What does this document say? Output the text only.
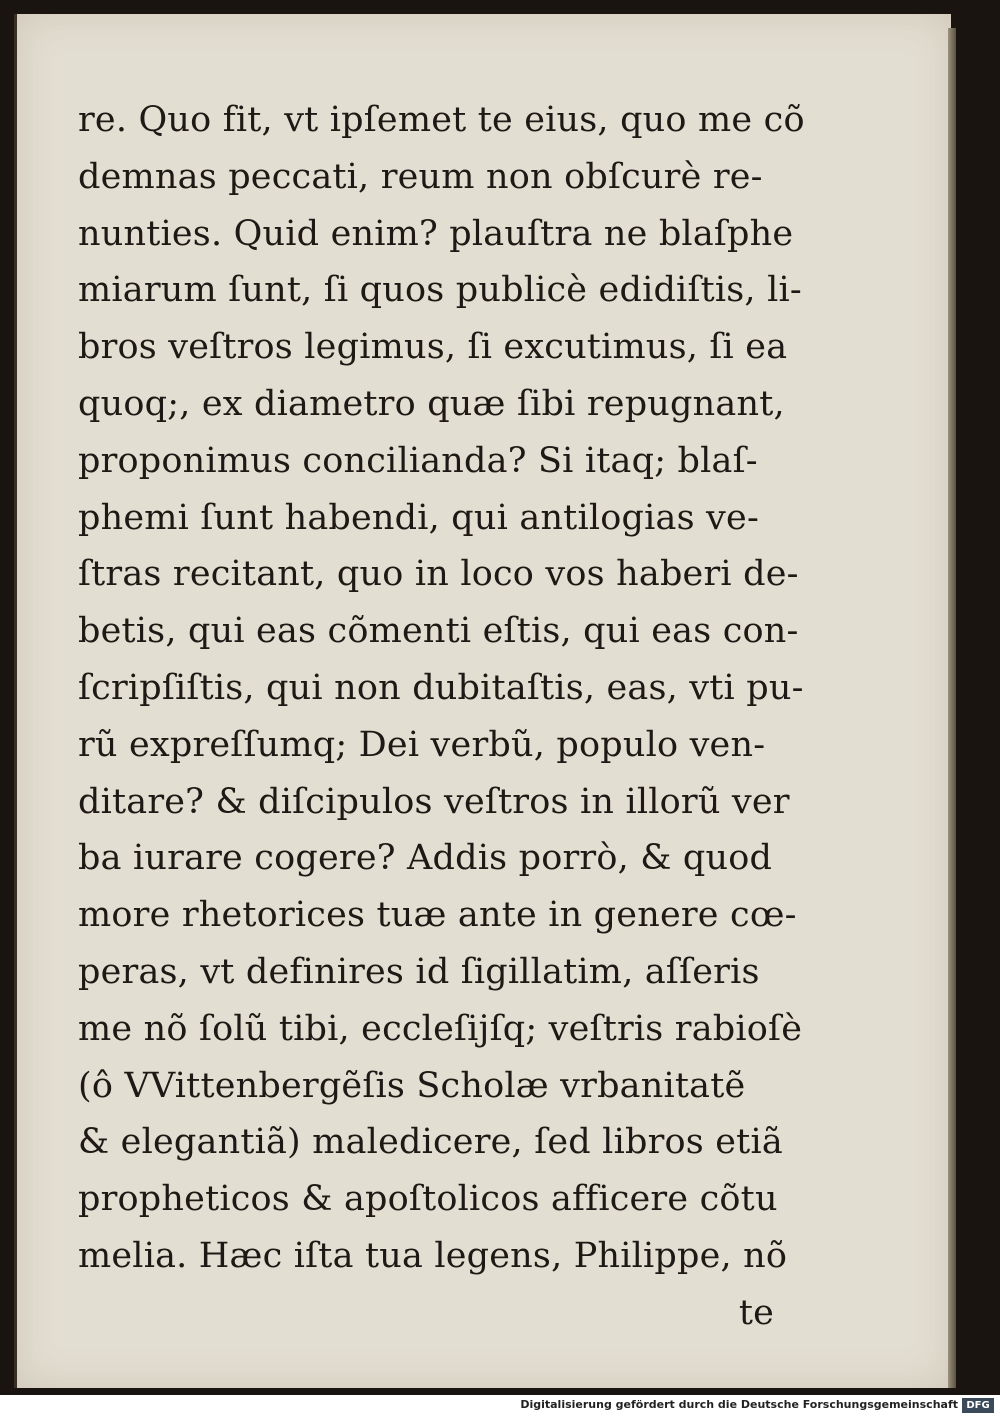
re. Quo fit, vt ipſemet te eius, quo me cõ
demnas peccati, reum non obſcurè re-
nunties. Quid enim? plauſtra ne blaſphe
miarum ſunt, ſi quos publicè edidiſtis, li-
bros veſtros legimus, ſi excutimus, ſi ea
quoq;, ex diametro quæ ſibi repugnant,
proponimus concilianda? Si itaq; blaſ-
phemi ſunt habendi, qui antilogias ve-
ſtras recitant, quo in loco vos haberi de-
betis, qui eas cõmenti eſtis, qui eas con-
ſcripſiſtis, qui non dubitaſtis, eas, vti pu-
rũ expreſſumq; Dei verbũ, populo ven-
ditare? & diſcipulos veſtros in illorũ ver
ba iurare cogere? Addis porrò, & quod
more rhetorices tuæ ante in genere cœ-
peras, vt definires id ſigillatim, aſſeris
me nõ ſolũ tibi, eccleſijſq; veſtris rabioſè
(ô VVittenbergẽſis Scholæ vrbanitatẽ
& elegantiã) maledicere, ſed libros etiã
propheticos & apoſtolicos afficere cõtu
melia. Hæc iſta tua legens, Philippe, nõ
te
Digitalisierung gefördert durch die Deutsche Forschungsgemeinschaft DFG
